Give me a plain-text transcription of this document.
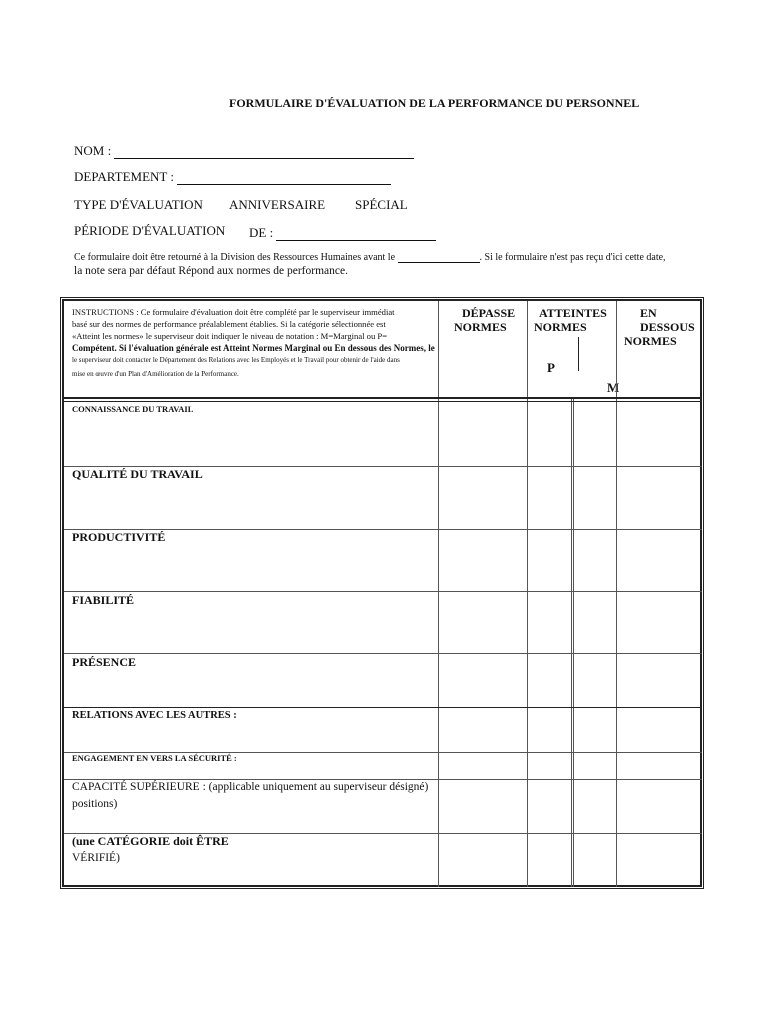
FORMULAIRE D'ÉVALUATION DE LA PERFORMANCE DU PERSONNEL
NOM :
DEPARTEMENT :
TYPE D'ÉVALUATION ANNIVERSAIRE SPÉCIAL
PÉRIODE D'ÉVALUATION DE :
Ce formulaire doit être retourné à la Division des Ressources Humaines avant le	. Si le formulaire n'est pas reçu d'ici cette date,
la note sera par défaut Répond aux normes de performance.
INSTRUCTIONS : Ce formulaire d'évaluation doit être complété par le superviseur immédiat
basé sur des normes de performance préalablement établies. Si la catégorie sélectionnée est
«Atteint les normes» le superviseur doit indiquer le niveau de notation : M=Marginal ou P=
Compétent. Si l'évaluation générale est Atteint Normes Marginal ou En dessous des Normes, le
le superviseur doit contacter le Département des Relations avec les Employés et le Travail pour obtenir de l'aide dans
mise en œuvre d'un Plan d'Amélioration de la Performance.
DÉPASSE
NORMES
ATTEINTES
NORMES
P
M
EN DESSOUS
NORMES
CONNAISSANCE DU TRAVAIL
QUALITÉ DU TRAVAIL
PRODUCTIVITÉ
FIABILITÉ
PRÉSENCE
RELATIONS AVEC LES AUTRES :
ENGAGEMENT EN VERS LA SÉCURITÉ :
CAPACITÉ SUPÉRIEURE : (applicable uniquement au superviseur désigné)
positions)
(une CATÉGORIE doit ÊTRE
VÉRIFIÉ)
